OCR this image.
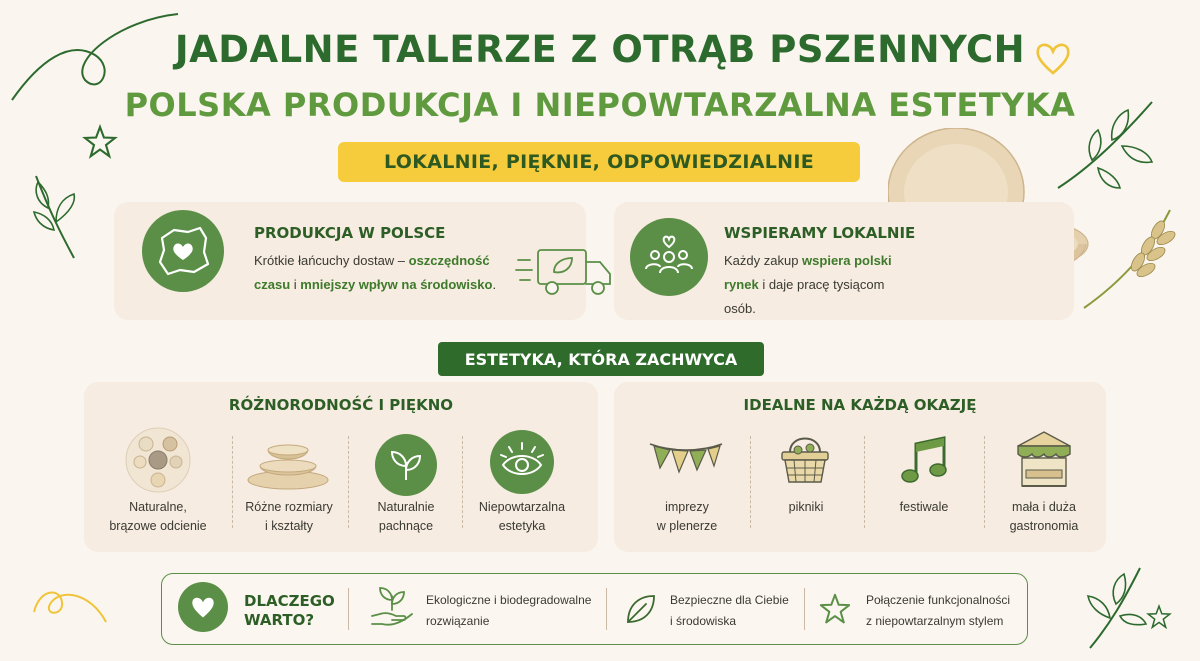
JADALNE TALERZE Z OTRĄB PSZENNYCH
POLSKA PRODUKCJA I NIEPOWTARZALNA ESTETYKA
LOKALNIE, PIĘKNIE, ODPOWIEDZIALNIE
PRODUKCJA W POLSCE
Krótkie łańcuchy dostaw – oszczędność czasu i mniejszy wpływ na środowisko.
WSPIERAMY LOKALNIE
Każdy zakup wspiera polski rynek i daje pracę tysiącom osób.
ESTETYKA, KTÓRA ZACHWYCA
RÓŻNORODNOŚĆ I PIĘKNO
Naturalne,
brązowe odcienie
Różne rozmiary
i kształty
Naturalnie
pachnące
Niepowtarzalna
estetyka
IDEALNE NA KAŻDĄ OKAZJĘ
imprezy
w plenerze
pikniki	festiwale	mała i duża
gastronomia
DLACZEGO
WARTO?
Ekologiczne i biodegradowalne
rozwiązanie
Bezpieczne dla Ciebie
i środowiska
Połączenie funkcjonalności
z niepowtarzalnym stylem
